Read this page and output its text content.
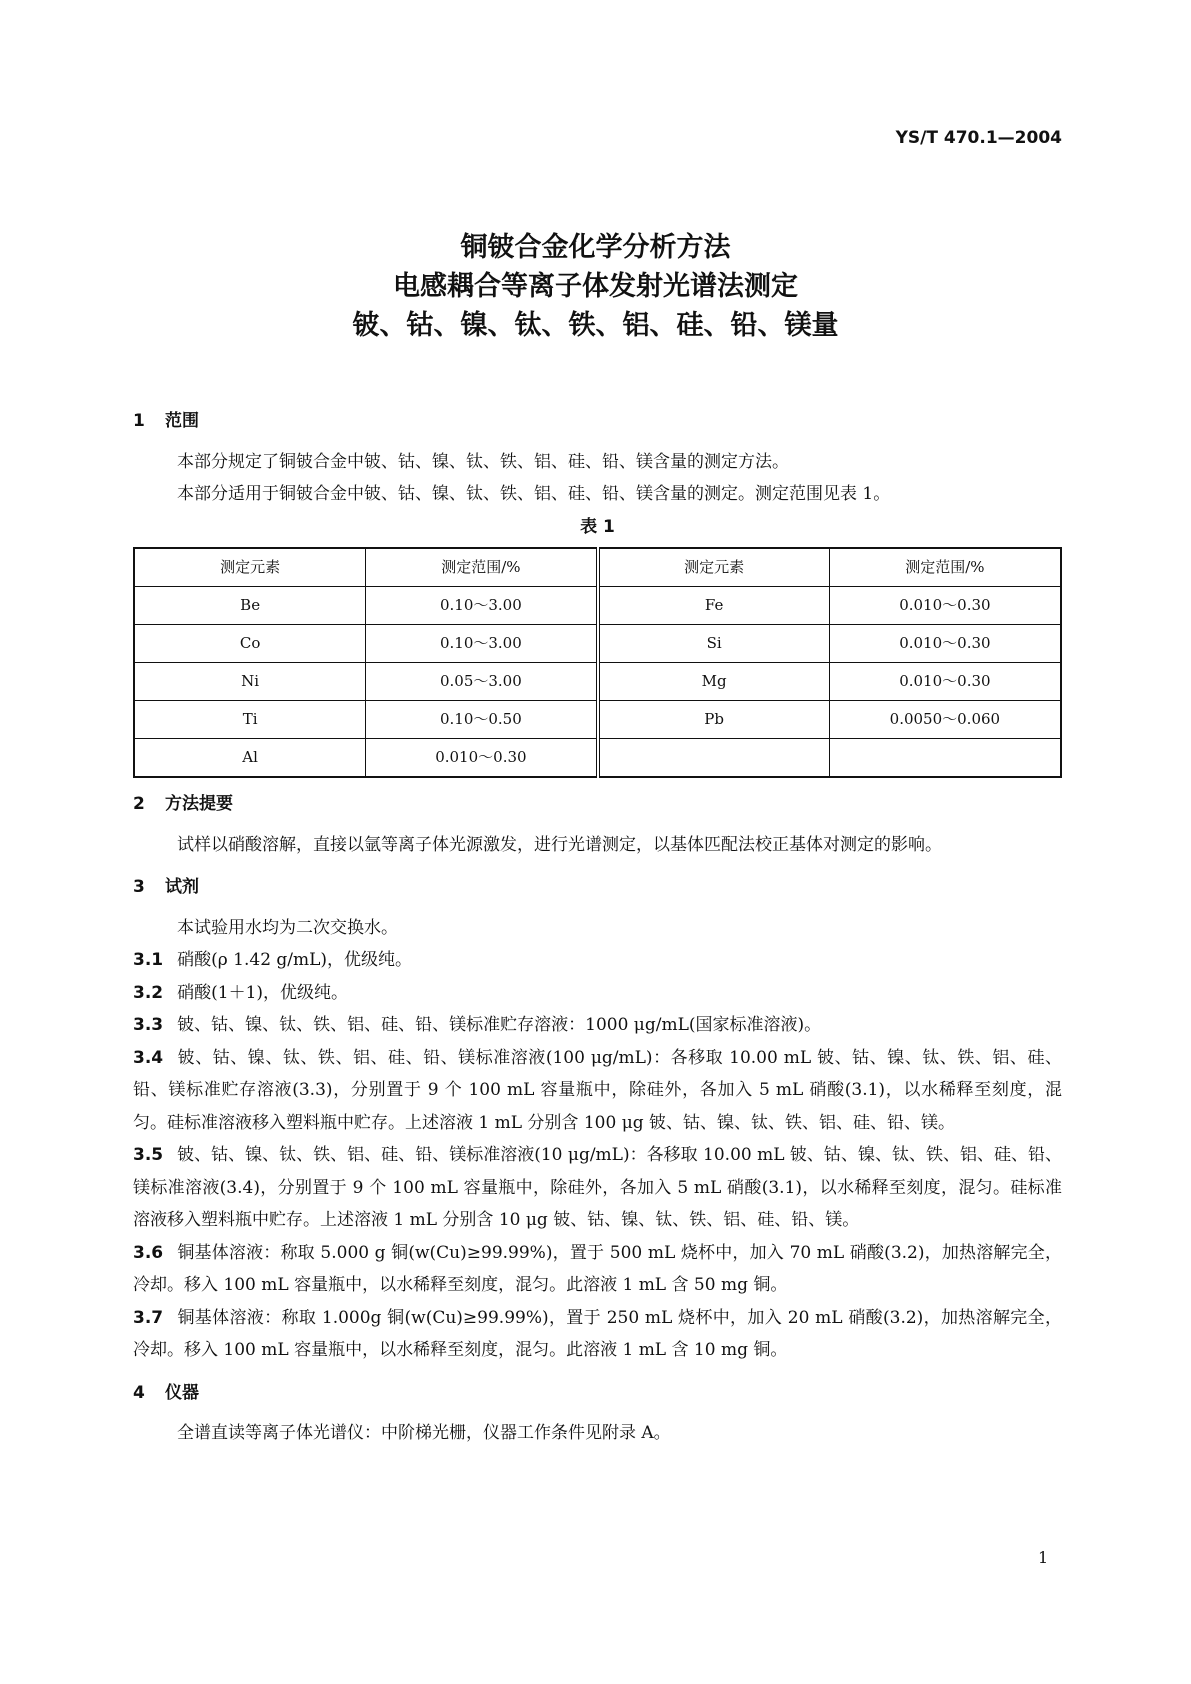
YS/T 470.1—2004
铜铍合金化学分析方法
电感耦合等离子体发射光谱法测定
铍、钴、镍、钛、铁、铝、硅、铅、镁量
1 范围

本部分规定了铜铍合金中铍、钴、镍、钛、铁、铝、硅、铅、镁含量的测定方法。

本部分适用于铜铍合金中铍、钴、镍、钛、铁、铝、硅、铅、镁含量的测定。测定范围见表 1。

表 1
测定元素	测定范围/%	测定元素	测定范围/%
Be	0.10～3.00	Fe	0.010～0.30
Co	0.10～3.00	Si	0.010～0.30
Ni	0.05～3.00	Mg	0.010～0.30
Ti	0.10～0.50	Pb	0.0050～0.060
Al	0.010～0.30		
2 方法提要

试样以硝酸溶解，直接以氩等离子体光源激发，进行光谱测定，以基体匹配法校正基体对测定的影响。

3 试剂

本试验用水均为二次交换水。

3.1 硝酸(ρ 1.42 g/mL)，优级纯。

3.2 硝酸(1＋1)，优级纯。

3.3 铍、钴、镍、钛、铁、铝、硅、铅、镁标准贮存溶液：1000 μg/mL(国家标准溶液)。

3.4 铍、钴、镍、钛、铁、铝、硅、铅、镁标准溶液(100 μg/mL)：各移取 10.00 mL 铍、钴、镍、钛、铁、铝、硅、铅、镁标准贮存溶液(3.3)，分别置于 9 个 100 mL 容量瓶中，除硅外，各加入 5 mL 硝酸(3.1)，以水稀释至刻度，混匀。硅标准溶液移入塑料瓶中贮存。上述溶液 1 mL 分别含 100 μg 铍、钴、镍、钛、铁、铝、硅、铅、镁。

3.5 铍、钴、镍、钛、铁、铝、硅、铅、镁标准溶液(10 μg/mL)：各移取 10.00 mL 铍、钴、镍、钛、铁、铝、硅、铅、镁标准溶液(3.4)，分别置于 9 个 100 mL 容量瓶中，除硅外，各加入 5 mL 硝酸(3.1)，以水稀释至刻度，混匀。硅标准溶液移入塑料瓶中贮存。上述溶液 1 mL 分别含 10 μg 铍、钴、镍、钛、铁、铝、硅、铅、镁。

3.6 铜基体溶液：称取 5.000 g 铜(w(Cu)≥99.99%)，置于 500 mL 烧杯中，加入 70 mL 硝酸(3.2)，加热溶解完全，冷却。移入 100 mL 容量瓶中，以水稀释至刻度，混匀。此溶液 1 mL 含 50 mg 铜。

3.7 铜基体溶液：称取 1.000g 铜(w(Cu)≥99.99%)，置于 250 mL 烧杯中，加入 20 mL 硝酸(3.2)，加热溶解完全，冷却。移入 100 mL 容量瓶中，以水稀释至刻度，混匀。此溶液 1 mL 含 10 mg 铜。

4 仪器

全谱直读等离子体光谱仪：中阶梯光栅，仪器工作条件见附录 A。

1
